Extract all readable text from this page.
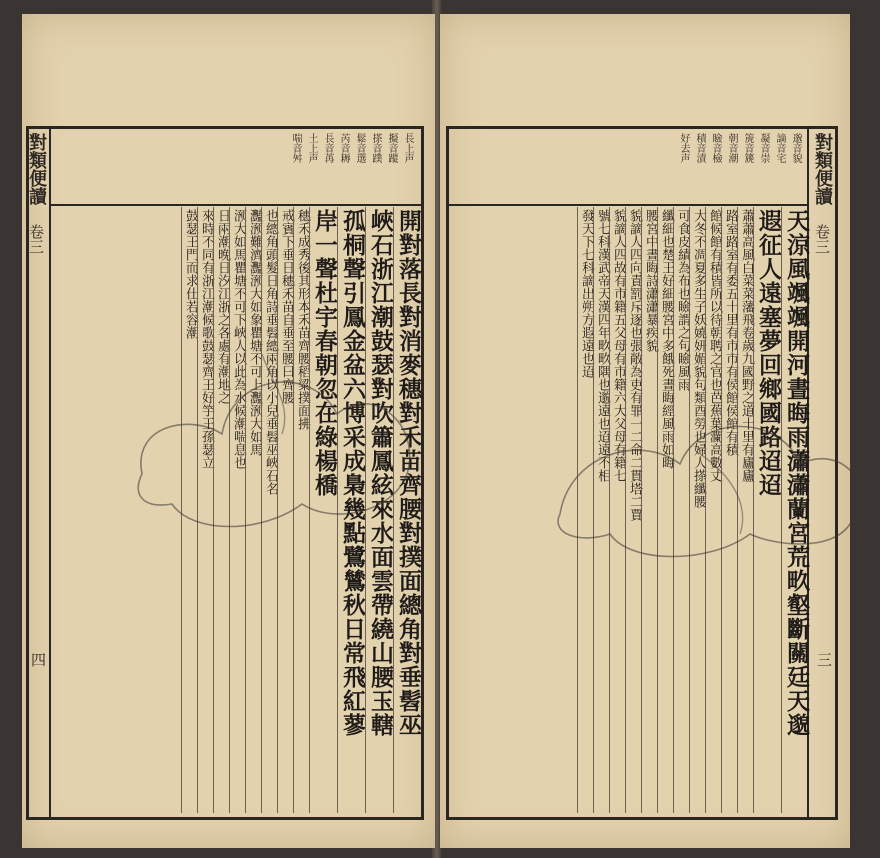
對類便讀 卷三
三
邈音貌
謫音宅
凝音崇
箎音篪
朝音潮
瞼音檢
積音漬
好去声
天涼風颯颯開河晝晦雨瀟瀟蘭宮荒畂壑斷關廷天邈
遐征人遠塞夢回鄉國路迢迢
蕭蕭高風白菜菜藩飛卷歲九國野之道十里有廬廬
路室路室有委五十里有市市有侯館侯館有積
館候館有積皆所以待朝聘之官也芭蕉葉瀾高數丈
大冬不凋夏多生子妖嬈妍媚貌句類酉勞也婦人搽纖腰
可食皮績為布也瞼謂之句瞼風雨
纖細也楚王好細腰宮中多餓死晝晦經風雨如晦
腰宮中晝晦詩瀟瀟暴疾貌
貌謫人四向責罰斥逐也張敞為吏有罪一二命二貫塔二賈
貌謫人四故有市籍五父母有市籍六大父母有籍七
號七科漢武帝天漢四年畂畂隅也邈遠也迢遠不相
發天下七科謫出朔方遐遠也迢
對類便讀 卷三
四
長上声
擬音蹤
搽音蹼
鬆音選
芮音耨
長音苒
土上声
喘音舛
開對落長對消麥穗對禾苗齊腰對撲面總角對垂髫巫
峽石浙江潮鼓瑟對吹簫鳳絃來水面雲帶繞山腰玉轄
孤桐聲引鳳金盆六博采成梟幾點鷺鷥秋日常飛紅蓼
岸一聲杜宇春朝忽在綠楊橋
穗禾成秀後其形本禾苗齊腰稻粱撲面拂
戒賓下垂日穗禾苗自垂至腰曰齊腰
也總角頭髮日角詩垂髫總兩角以小兒垂髫巫峽石名
灩滪難濟灩滪大如象瞿塘不可上灩滪大如馬
滪大如馬瞿塘不可下峽人以此為水候潮喘息也
日兩潮晚日汐江浙之各處有潮地之
來時不同有浙江潮候歌鼓瑟齊王好竽王孫瑟立
鼓瑟王門而求仕若容潮
